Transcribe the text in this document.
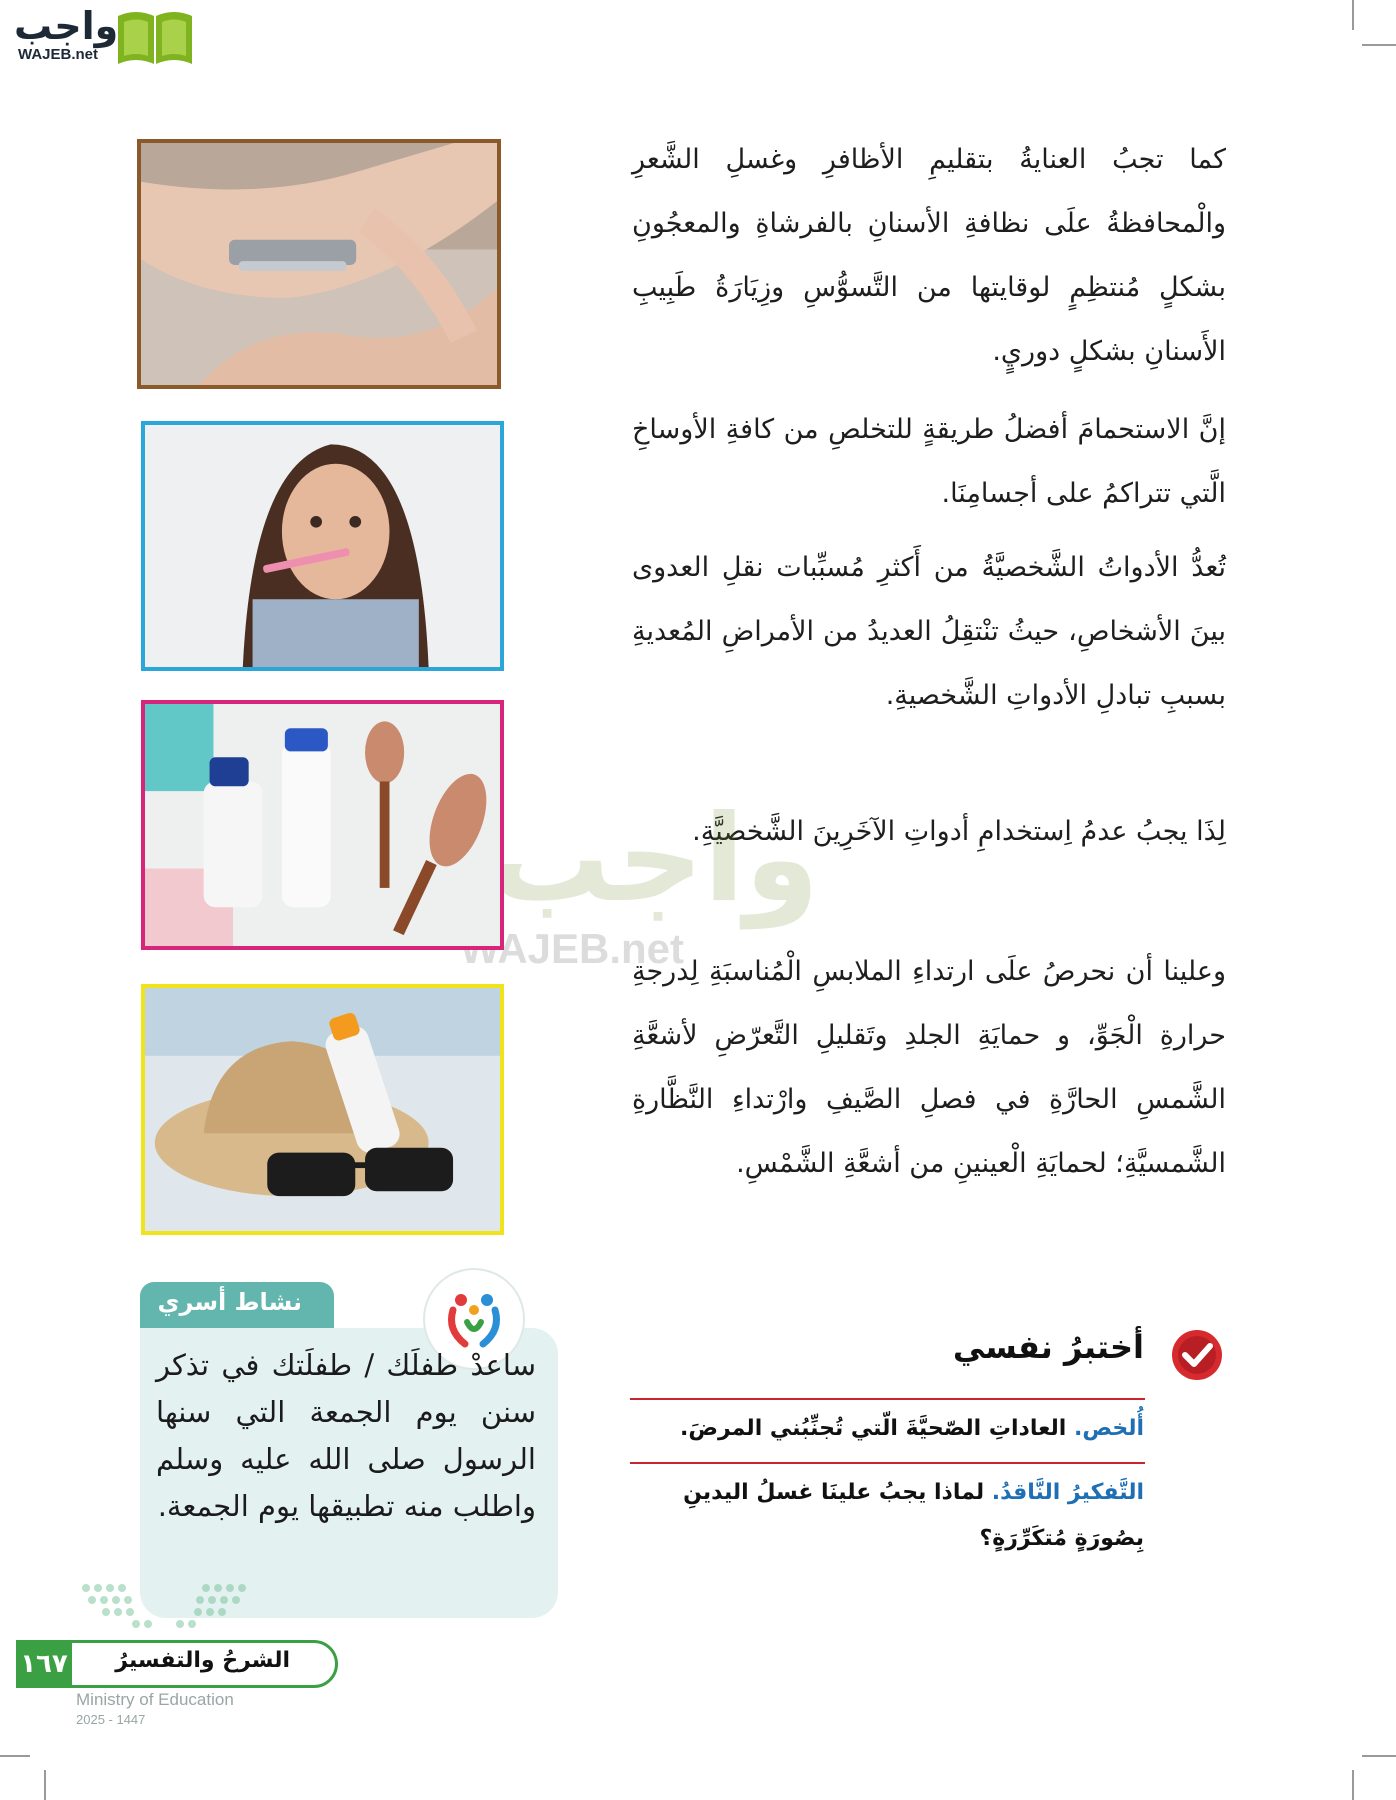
واجب
WAJEB.net
كما تجبُ العنايةُ بتقليمِ الأظافرِ وغسلِ الشَّعرِ والْمحافظةُ علَى نظافةِ الأسنانِ بالفرشاةِ والمعجُونِ بشكلٍ مُنتظِمٍ لوقايتها من التَّسوُّسِ وزِيَارَةُ طَبِيبِ الأَسنانِ بشكلٍ دوريٍ.
إنَّ الاستحمامَ أفضلُ طريقةٍ للتخلصِ من كافةِ الأوساخِ الَّتي تتراكمُ على أجسامِنَا.
تُعدُّ الأدواتُ الشَّخصيَّةُ من أَكثرِ مُسبِّبات نقلِ العدوى بينَ الأشخاصِ، حيثُ تنْتقِلُ العديدُ من الأمراضِ المُعديةِ بسببِ تبادلِ الأدواتِ الشَّخصيةِ.
لِذَا يجبُ عدمُ اِستخدامِ أدواتِ الآخَرِينَ الشَّخصيَّةِ.
وعلينا أن نحرصُ علَى ارتداءِ الملابسِ الْمُناسبَةِ لِدرجةِ حرارةِ الْجَوِّ، و حمايَةِ الجلدِ وتَقليلِ التَّعرّضِ لأشعَّةِ الشَّمسِ الحارَّةِ في فصلِ الصَّيفِ وارْتداءِ النَّظَّارةِ الشَّمسيَّةِ؛ لحمايَةِ الْعينينِ من أشعَّةِ الشَّمْسِ.
واجب
WAJEB.net
أختبرُ نفسي
أُلخص. العاداتِ الصّحيَّةَ الّتي تُجنِّبُني المرضَ.
التَّفكيرُ النَّاقدُ. لماذا يجبُ علينَا غسلُ اليدينِ بِصُورَةٍ مُتكَرِّرَةٍ؟
نشاط أسري
ساعدْ طفلَك / طفلَتك في تذكر سنن يوم الجمعة التي سنها الرسول صلى الله عليه وسلم واطلب منه تطبيقها يوم الجمعة.
١٦٧	الشرحُ والتفسيرُ
Ministry of Education
2025 - 1447
